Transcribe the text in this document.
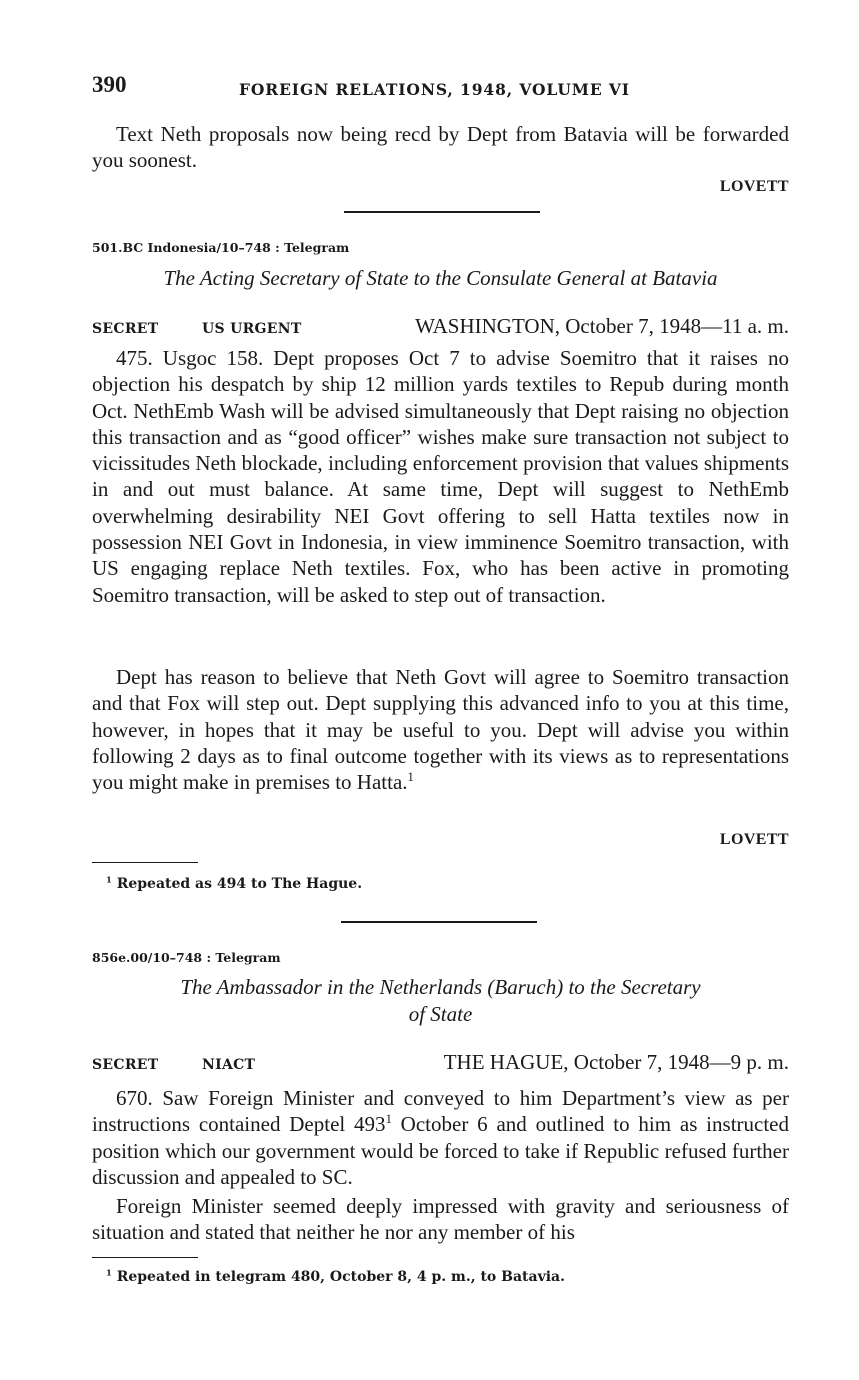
390	FOREIGN RELATIONS, 1948, VOLUME VI

Text Neth proposals now being recd by Dept from Batavia will be forwarded you soonest.

LOVETT
501.BC Indonesia/10–748 : Telegram
The Acting Secretary of State to the Consulate General at Batavia
SECRET	US URGENT	WASHINGTON, October 7, 1948—11 a. m.

475. Usgoc 158. Dept proposes Oct 7 to advise Soemitro that it raises no objection his despatch by ship 12 million yards textiles to Repub during month Oct. NethEmb Wash will be advised simultaneously that Dept raising no objection this transaction and as “good officer” wishes make sure transaction not subject to vicissitudes Neth blockade, including enforcement provision that values shipments in and out must balance. At same time, Dept will suggest to NethEmb overwhelming desirability NEI Govt offering to sell Hatta textiles now in possession NEI Govt in Indonesia, in view imminence Soemitro transaction, with US engaging replace Neth textiles. Fox, who has been active in promoting Soemitro transaction, will be asked to step out of transaction.

Dept has reason to believe that Neth Govt will agree to Soemitro transaction and that Fox will step out. Dept supplying this advanced info to you at this time, however, in hopes that it may be useful to you. Dept will advise you within following 2 days as to final outcome together with its views as to representations you might make in premises to Hatta.$^1$

LOVETT
$^1$ Repeated as 494 to The Hague.
856e.00/10–748 : Telegram
The Ambassador in the Netherlands (Baruch) to the Secretary
of State
SECRET	NIACT	THE HAGUE, October 7, 1948—9 p. m.

670. Saw Foreign Minister and conveyed to him Department’s view as per instructions contained Deptel $493^1$ October 6 and outlined to him as instructed position which our government would be forced to take if Republic refused further discussion and appealed to SC.

Foreign Minister seemed deeply impressed with gravity and seriousness of situation and stated that neither he nor any member of his

$^1$ Repeated in telegram 480, October 8, 4 p. m., to Batavia.
